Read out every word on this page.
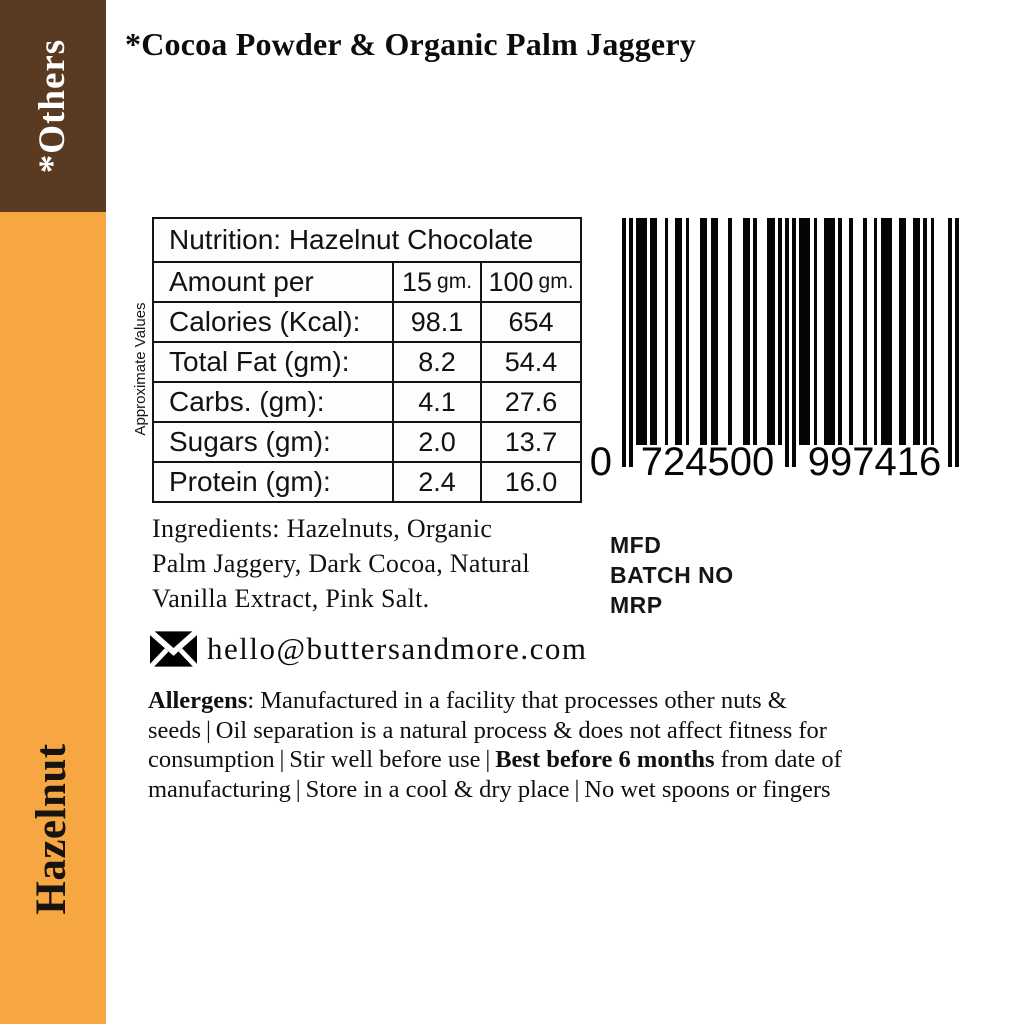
*Others
Hazelnut
*Cocoa Powder & Organic Palm Jaggery
Approximate Values
Nutrition: Hazelnut Chocolate
Amount per	15 gm. 100 gm.
Calories (Kcal):	98.1	654
Total Fat (gm):	8.2	54.4
Carbs. (gm):	4.1	27.6
Sugars (gm):	2.0	13.7
Protein (gm):	2.4	16.0 0 724500 997416
MFD
BATCH NO
MRP
Ingredients: Hazelnuts, Organic
Palm Jaggery, Dark Cocoa, Natural
Vanilla Extract, Pink Salt.
hello@buttersandmore.com
Allergens: Manufactured in a facility that processes other nuts &
seeds | Oil separation is a natural process & does not affect fitness for
consumption | Stir well before use | Best before 6 months from date of
manufacturing | Store in a cool & dry place | No wet spoons or fingers
